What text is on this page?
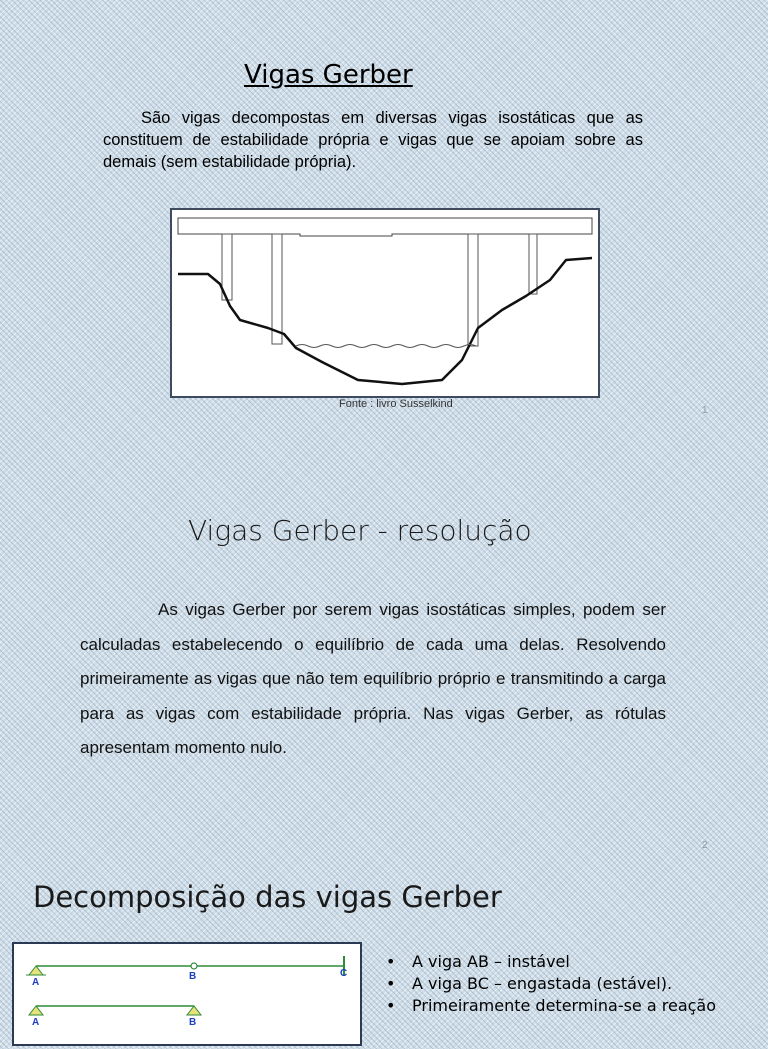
Vigas Gerber

São vigas decompostas em diversas vigas isostáticas que as constituem de estabilidade própria e vigas que se apoiam sobre as demais (sem estabilidade própria).

Fonte : livro Susselkind
1
Vigas Gerber - resolução

As vigas Gerber por serem vigas isostáticas simples, podem ser calculadas estabelecendo o equilíbrio de cada uma delas. Resolvendo primeiramente as vigas que não tem equilíbrio próprio e transmitindo a carga para as vigas com estabilidade própria. Nas vigas Gerber, as rótulas apresentam momento nulo.

2
Decomposição das vigas Gerber
A
B	C
A	B
• A viga AB – instável
• A viga BC – engastada (estável).
• Primeiramente determina-se a reação
